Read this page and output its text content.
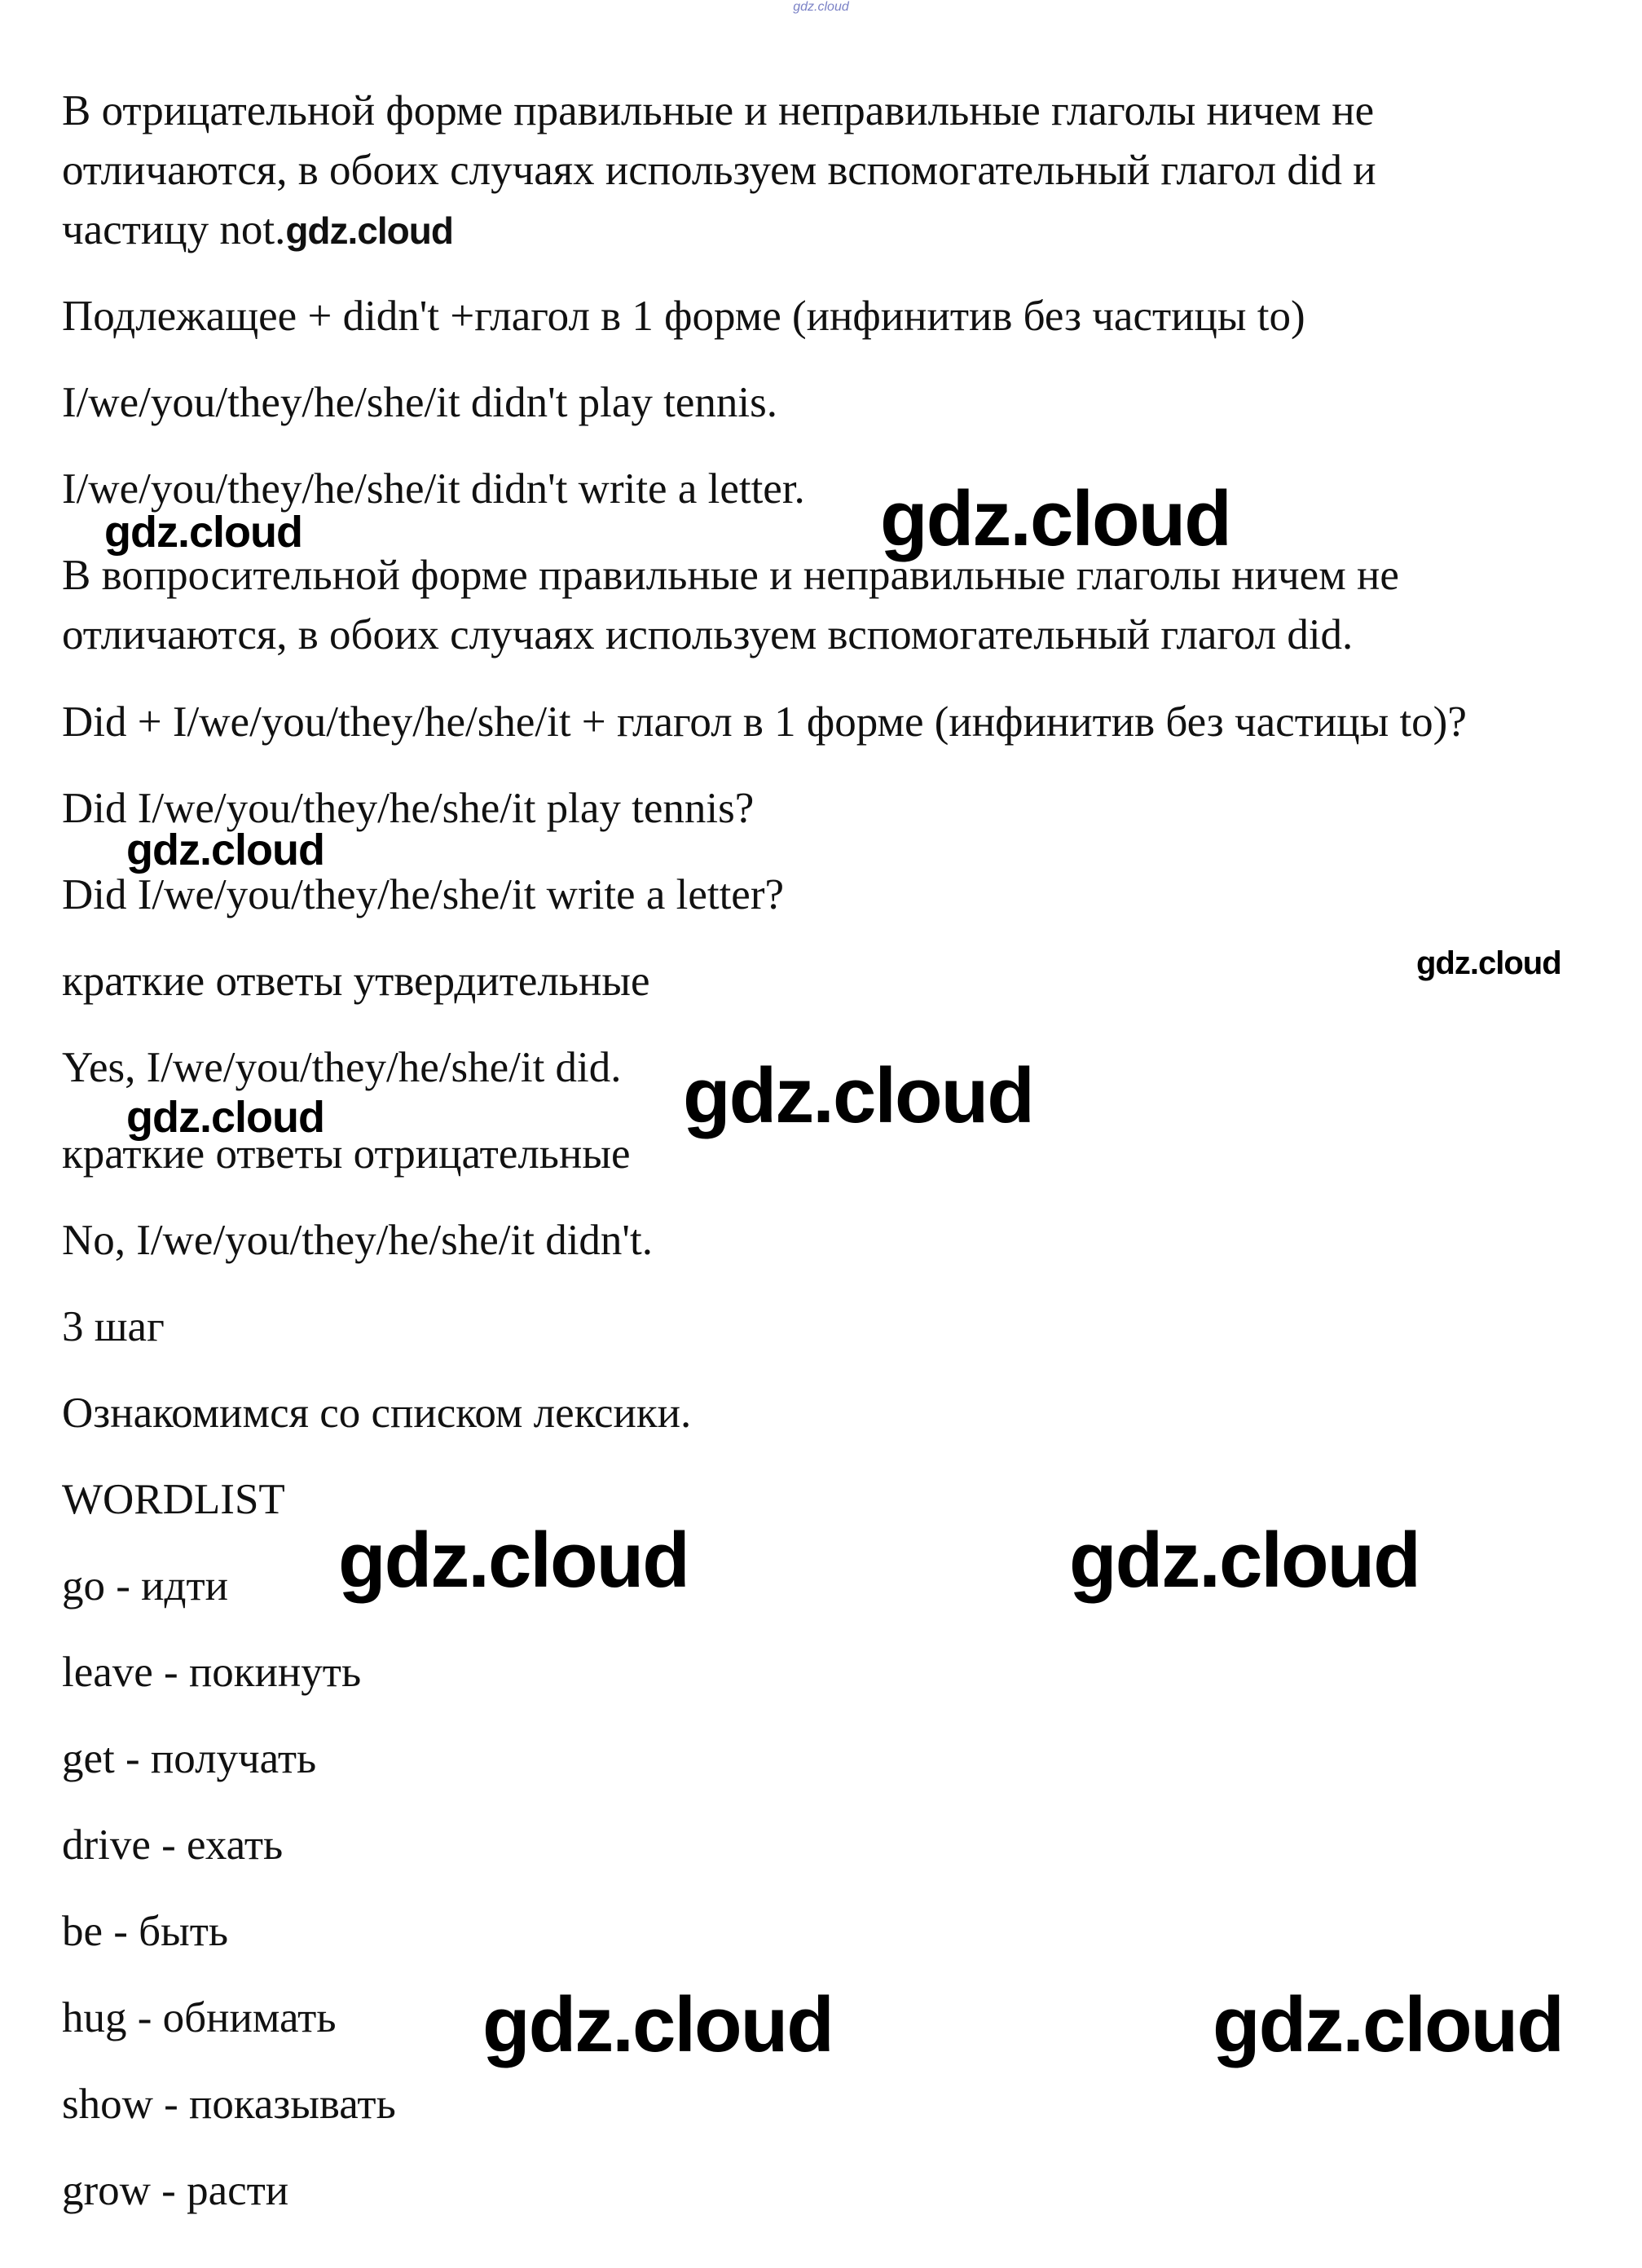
gdz.cloud
В отрицательной форме правильные и неправильные глаголы ничем не
отличаются, в обоих случаях используем вспомогательный глагол did и
частицу not.gdz.cloud
Подлежащее + didn't +глагол в 1 форме (инфинитив без частицы to)
I/we/you/they/he/she/it didn't play tennis.
I/we/you/they/he/she/it didn't write a letter.
В вопросительной форме правильные и неправильные глаголы ничем не
отличаются, в обоих случаях используем вспомогательный глагол did.
Did + I/we/you/they/he/she/it + глагол в 1 форме (инфинитив без частицы to)?
Did I/we/you/they/he/she/it play tennis?
Did I/we/you/they/he/she/it write a letter?
краткие ответы утвердительные
Yes, I/we/you/they/he/she/it did.
краткие ответы отрицательные
No, I/we/you/they/he/she/it didn't.
3 шаг
Ознакомимся со списком лексики.
WORDLIST
go - идти
leave - покинуть
get - получать
drive - ехать
be - быть
hug - обнимать
show - показывать
grow - расти
gdz.cloud
gdz.cloud
gdz.cloud
gdz.cloud
gdz.cloud
gdz.cloud
gdz.cloud	gdz.cloud
gdz.cloud	gdz.cloud
